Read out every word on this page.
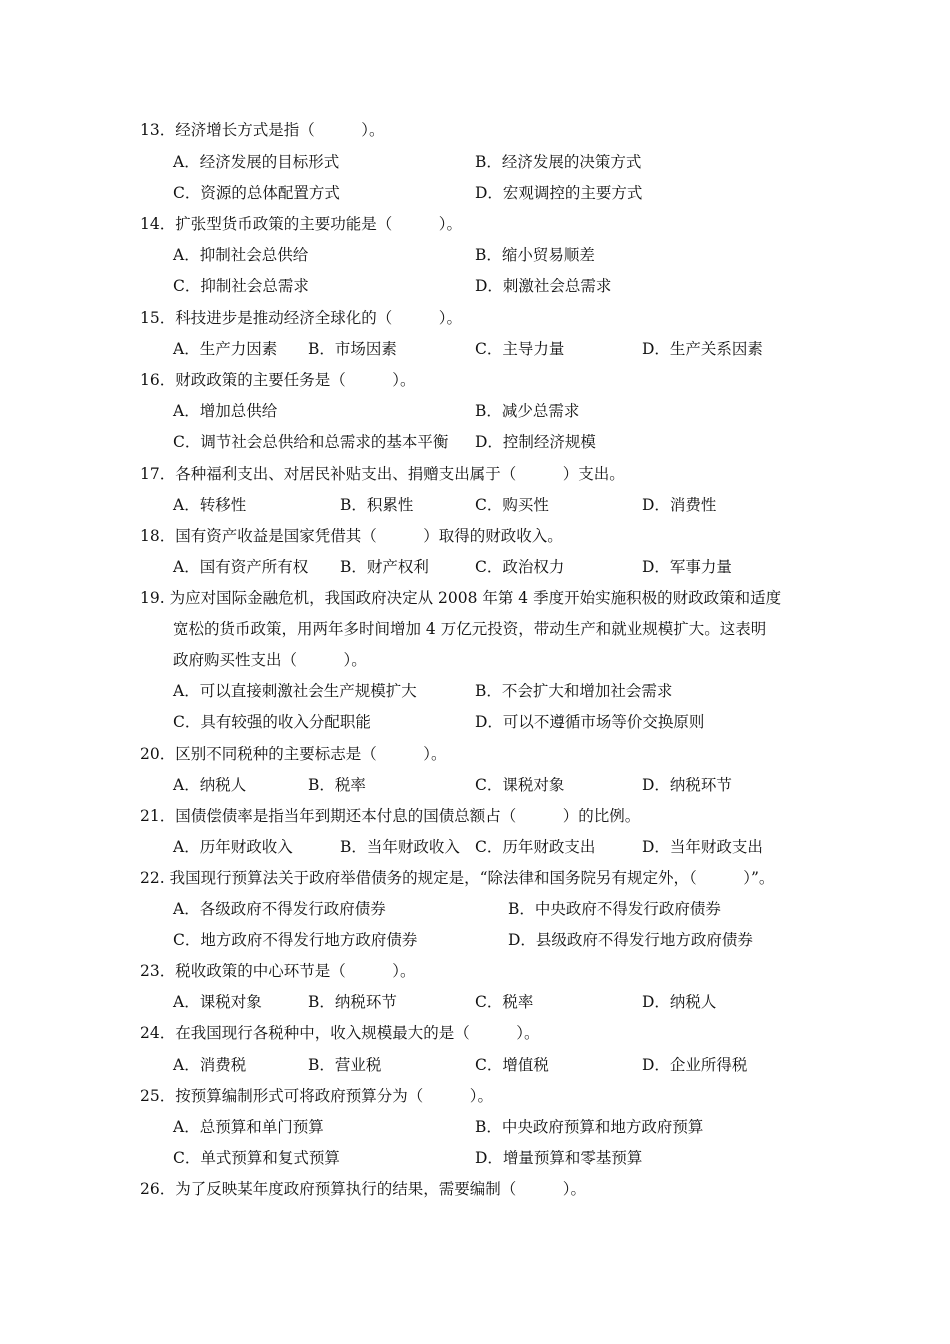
13．经济增长方式是指（　　　）。
A．经济发展的目标形式	B．经济发展的决策方式
C．资源的总体配置方式	D．宏观调控的主要方式
14．扩张型货币政策的主要功能是（　　　）。
A．抑制社会总供给	B．缩小贸易顺差
C．抑制社会总需求	D．刺激社会总需求
15．科技进步是推动经济全球化的（　　　）。
A．生产力因素 B．市场因素	C．主导力量	D．生产关系因素
16．财政政策的主要任务是（　　　）。
A．增加总供给	B．减少总需求
C．调节社会总供给和总需求的基本平衡 D．控制经济规模
17．各种福利支出、对居民补贴支出、捐赠支出属于（　　　）支出。
A．转移性	B．积累性	C．购买性	D．消费性
18．国有资产收益是国家凭借其（　　　）取得的财政收入。
A．国有资产所有权 B．财产权利	C．政治权力	D．军事力量
19. 为应对国际金融危机，我国政府决定从 2008 年第 4 季度开始实施积极的财政政策和适度
宽松的货币政策，用两年多时间增加 4 万亿元投资，带动生产和就业规模扩大。这表明
政府购买性支出（　　　）。
A．可以直接刺激社会生产规模扩大	B．不会扩大和增加社会需求
C．具有较强的收入分配职能	D．可以不遵循市场等价交换原则
20．区别不同税种的主要标志是（　　　）。
A．纳税人	B．税率	C．课税对象	D．纳税环节
21．国债偿债率是指当年到期还本付息的国债总额占（　　　）的比例。
A．历年财政收入	B．当年财政收入 C．历年财政支出	D．当年财政支出
22. 我国现行预算法关于政府举借债务的规定是，“除法律和国务院另有规定外，（　　　）”。
A．各级政府不得发行政府债券	B．中央政府不得发行政府债券
C．地方政府不得发行地方政府债券	D．县级政府不得发行地方政府债券
23．税收政策的中心环节是（　　　）。
A．课税对象	B．纳税环节	C．税率	D．纳税人
24．在我国现行各税种中，收入规模最大的是（　　　）。
A．消费税	B．营业税	C．增值税	D．企业所得税
25．按预算编制形式可将政府预算分为（　　　）。
A．总预算和单门预算	B．中央政府预算和地方政府预算
C．单式预算和复式预算	D．增量预算和零基预算
26．为了反映某年度政府预算执行的结果，需要编制（　　　）。
